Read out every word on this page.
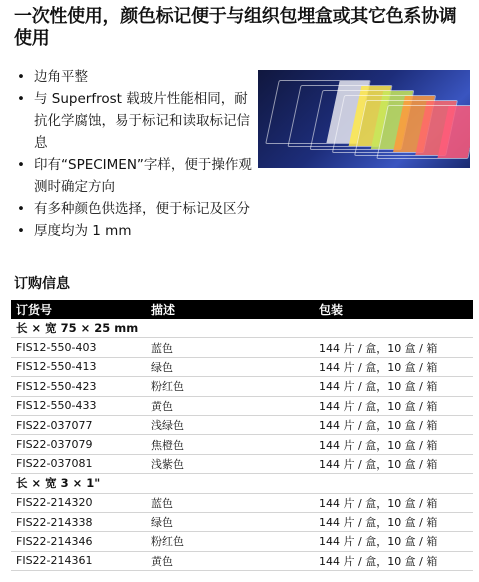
一次性使用，颜色标记便于与组织包埋盒或其它色系协调使用
• 边角平整
• 与 Superfrost 载玻片性能相同，耐抗化学腐蚀，易于标记和读取标记信息
• 印有“SPECIMEN”字样，便于操作观测时确定方向
• 有多种颜色供选择，便于标记及区分
• 厚度均为 1 mm
订购信息
订货号	描述	包装
长 × 宽 75 × 25 mm		
FIS12-550-403	蓝色	144 片 / 盒，10 盒 / 箱
FIS12-550-413	绿色	144 片 / 盒，10 盒 / 箱
FIS12-550-423	粉红色	144 片 / 盒，10 盒 / 箱
FIS12-550-433	黄色	144 片 / 盒，10 盒 / 箱
FIS22-037077	浅绿色	144 片 / 盒，10 盒 / 箱
FIS22-037079	焦橙色	144 片 / 盒，10 盒 / 箱
FIS22-037081	浅紫色	144 片 / 盒，10 盒 / 箱
长 × 宽 3 × 1"		
FIS22-214320	蓝色	144 片 / 盒，10 盒 / 箱
FIS22-214338	绿色	144 片 / 盒，10 盒 / 箱
FIS22-214346	粉红色	144 片 / 盒，10 盒 / 箱
FIS22-214361	黄色	144 片 / 盒，10 盒 / 箱
